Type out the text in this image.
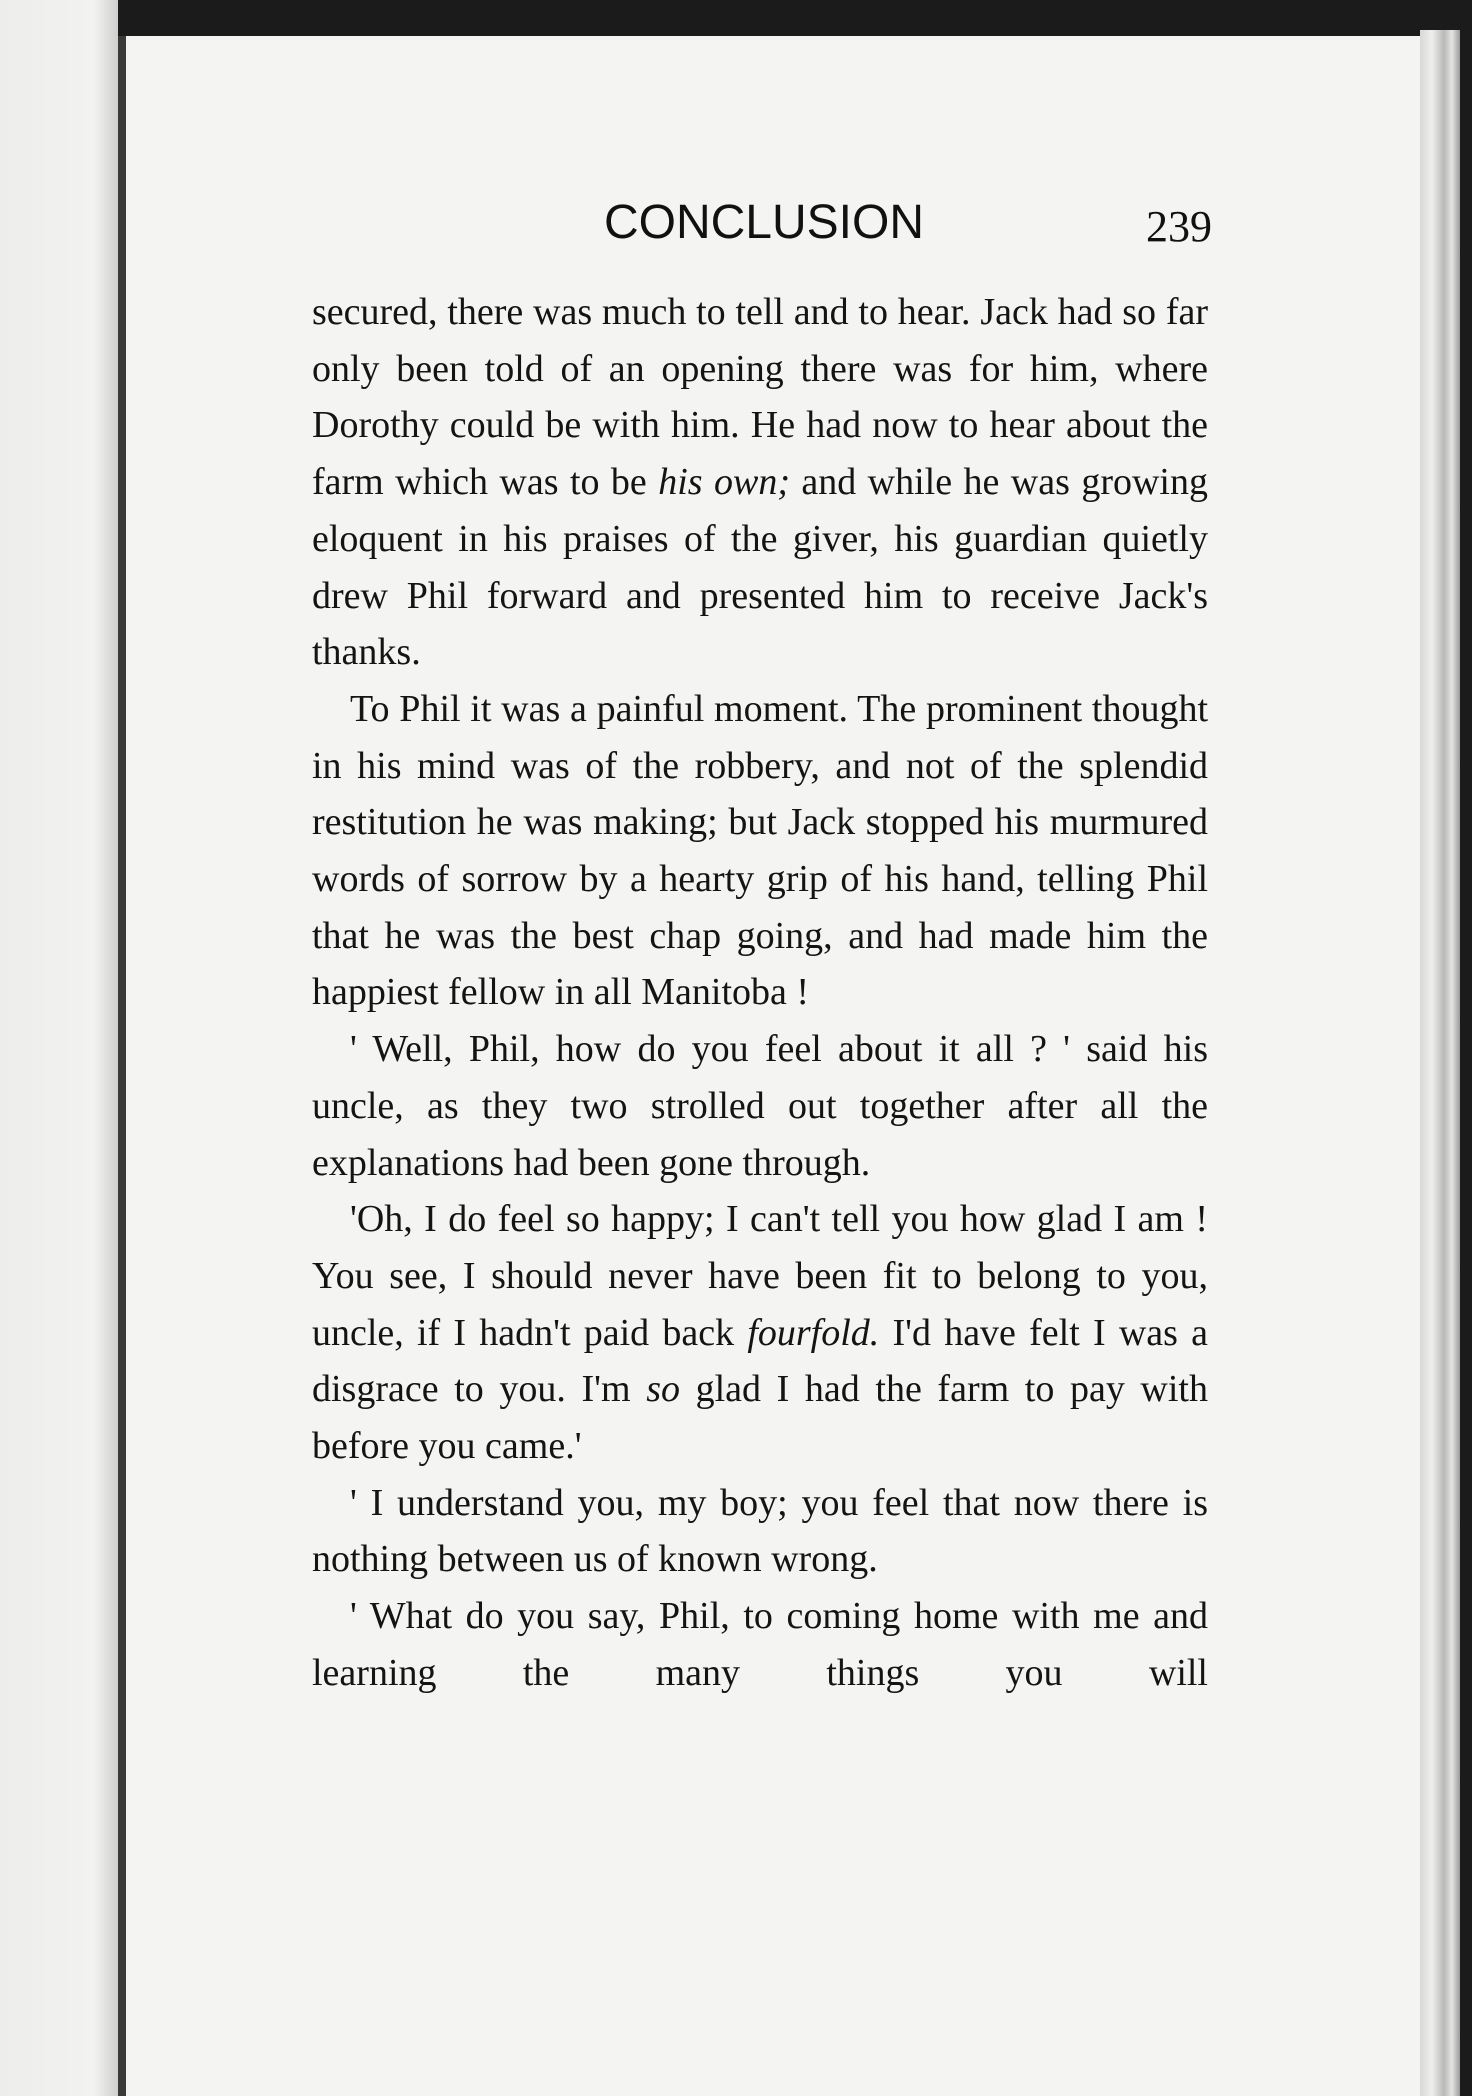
CONCLUSION	239

secured, there was much to tell and to hear. Jack had so far only been told of an opening there was for him, where Dorothy could be with him. He had now to hear about the farm which was to be his own; and while he was growing eloquent in his praises of the giver, his guardian quietly drew Phil forward and presented him to receive Jack's thanks.

To Phil it was a painful moment. The prominent thought in his mind was of the robbery, and not of the splendid restitution he was making; but Jack stopped his murmured words of sorrow by a hearty grip of his hand, telling Phil that he was the best chap going, and had made him the happiest fellow in all Manitoba !

' Well, Phil, how do you feel about it all ? ' said his uncle, as they two strolled out together after all the explanations had been gone through.

'Oh, I do feel so happy; I can't tell you how glad I am ! You see, I should never have been fit to belong to you, uncle, if I hadn't paid back fourfold. I'd have felt I was a disgrace to you. I'm so glad I had the farm to pay with before you came.'

' I understand you, my boy; you feel that now there is nothing between us of known wrong.

' What do you say, Phil, to coming home with me and learning the many things you will
